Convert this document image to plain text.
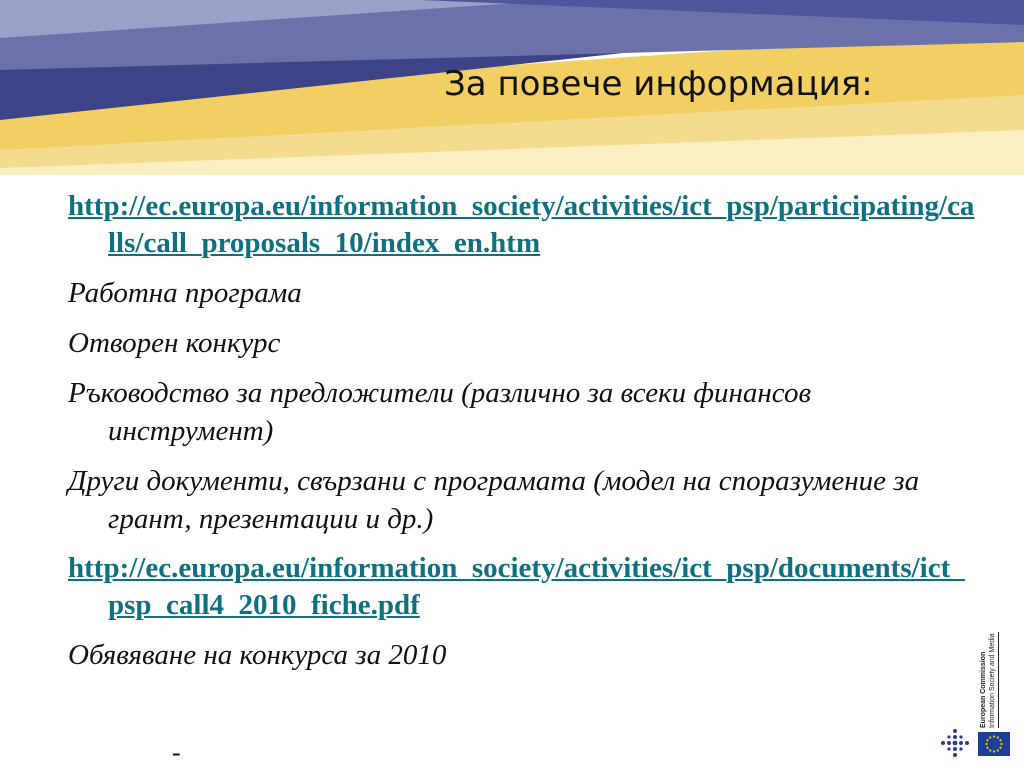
За повече информация:
http://ec.europa.eu/information_society/activities/ict_psp/participating/calls/call_proposals_10/index_en.htm
Работна програма
Отворен конкурс
Ръководство за предложители (различно за всеки финансов инструмент)
Други документи, свързани с програмата (модел на споразумение за грант, презентации и др.)
http://ec.europa.eu/information_society/activities/ict_psp/documents/ict_psp_call4_2010_fiche.pdf
Обявяване на конкурса за 2010
-
European Commission Information Society and Media
